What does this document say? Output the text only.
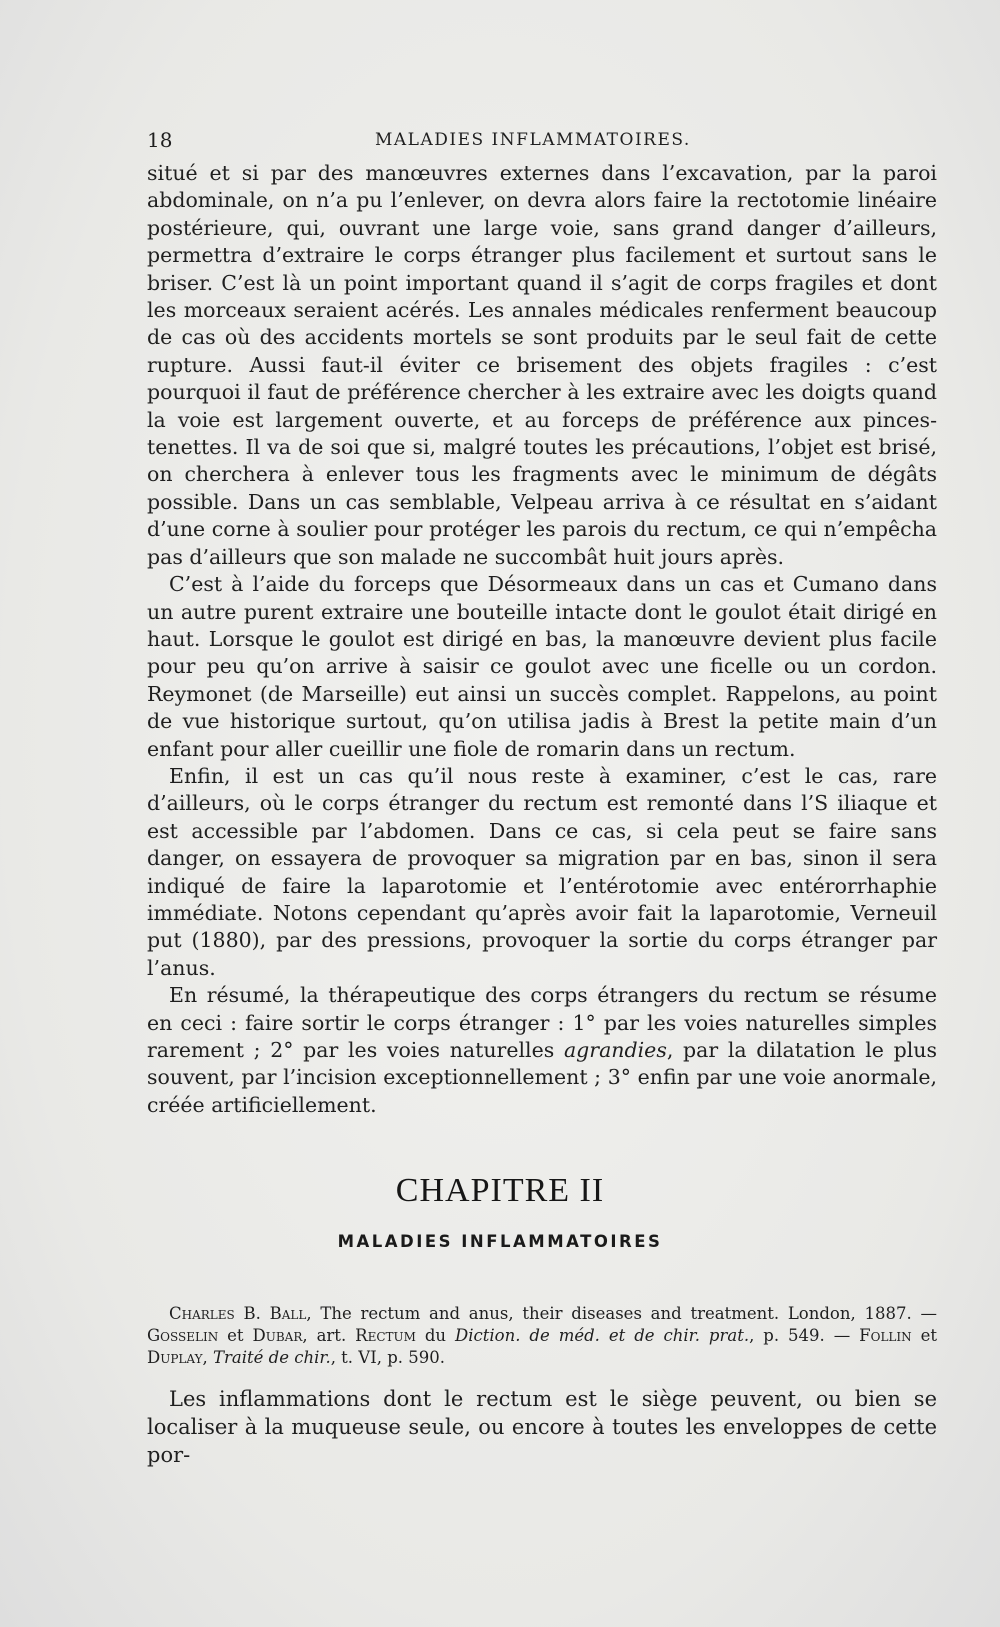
18	MALADIES INFLAMMATOIRES.

situé et si par des manœuvres externes dans l’excavation, par la paroi abdominale, on n’a pu l’enlever, on devra alors faire la rectotomie linéaire postérieure, qui, ouvrant une large voie, sans grand danger d’ailleurs, permettra d’extraire le corps étranger plus facilement et surtout sans le briser. C’est là un point important quand il s’agit de corps fragiles et dont les morceaux seraient acérés. Les annales médicales renferment beaucoup de cas où des accidents mortels se sont produits par le seul fait de cette rupture. Aussi faut-il éviter ce brisement des objets fragiles : c’est pourquoi il faut de préférence chercher à les extraire avec les doigts quand la voie est largement ouverte, et au forceps de préférence aux pinces-tenettes. Il va de soi que si, malgré toutes les précautions, l’objet est brisé, on cherchera à enlever tous les fragments avec le minimum de dégâts possible. Dans un cas semblable, Velpeau arriva à ce résultat en s’aidant d’une corne à soulier pour protéger les parois du rectum, ce qui n’empêcha pas d’ailleurs que son malade ne succombât huit jours après.

C’est à l’aide du forceps que Désormeaux dans un cas et Cumano dans un autre purent extraire une bouteille intacte dont le goulot était dirigé en haut. Lorsque le goulot est dirigé en bas, la manœuvre devient plus facile pour peu qu’on arrive à saisir ce goulot avec une ficelle ou un cordon. Reymonet (de Marseille) eut ainsi un succès complet. Rappelons, au point de vue historique surtout, qu’on utilisa jadis à Brest la petite main d’un enfant pour aller cueillir une fiole de romarin dans un rectum.

Enfin, il est un cas qu’il nous reste à examiner, c’est le cas, rare d’ailleurs, où le corps étranger du rectum est remonté dans l’S iliaque et est accessible par l’abdomen. Dans ce cas, si cela peut se faire sans danger, on essayera de provoquer sa migration par en bas, sinon il sera indiqué de faire la laparotomie et l’entérotomie avec entérorrhaphie immédiate. Notons cependant qu’après avoir fait la laparotomie, Verneuil put (1880), par des pressions, provoquer la sortie du corps étranger par l’anus.

En résumé, la thérapeutique des corps étrangers du rectum se résume en ceci : faire sortir le corps étranger : 1° par les voies naturelles simples rarement ; 2° par les voies naturelles agrandies, par la dilatation le plus souvent, par l’incision exceptionnellement ; 3° enfin par une voie anormale, créée artificiellement.

CHAPITRE II
MALADIES INFLAMMATOIRES

Charles B. Ball, The rectum and anus, their diseases and treatment. London, 1887. — Gosselin et Dubar, art. Rectum du Diction. de méd. et de chir. prat., p. 549. — Follin et Duplay, Traité de chir., t. VI, p. 590.

Les inflammations dont le rectum est le siège peuvent, ou bien se localiser à la muqueuse seule, ou encore à toutes les enveloppes de cette por-
